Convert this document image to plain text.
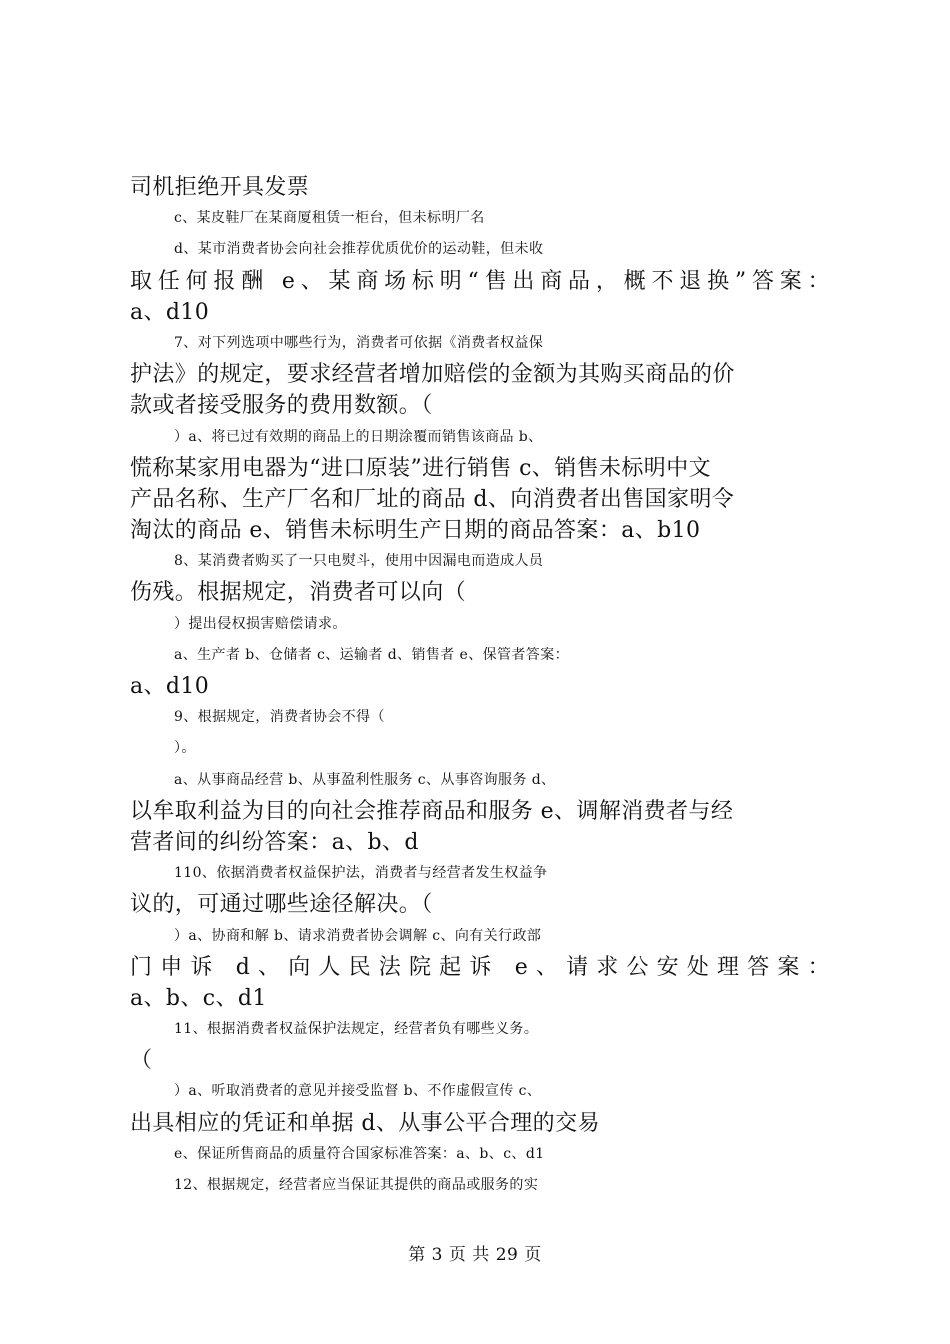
司机拒绝开具发票
c、某皮鞋厂在某商厦租赁一柜台，但未标明厂名
d、某市消费者协会向社会推荐优质优价的运动鞋，但未收
取任何报酬 e、某商场标明“售出商品，概不退换”答案：
a、d10
7、对下列选项中哪些行为，消费者可依据《消费者权益保
护法》的规定，要求经营者增加赔偿的金额为其购买商品的价
款或者接受服务的费用数额。（
）a、将已过有效期的商品上的日期涂覆而销售该商品 b、
慌称某家用电器为“进口原装”进行销售 c、销售未标明中文
产品名称、生产厂名和厂址的商品 d、向消费者出售国家明令
淘汰的商品 e、销售未标明生产日期的商品答案：a、b10
8、某消费者购买了一只电熨斗，使用中因漏电而造成人员
伤残。根据规定，消费者可以向（
）提出侵权损害赔偿请求。
a、生产者 b、仓储者 c、运输者 d、销售者 e、保管者答案：
a、d10
9、根据规定，消费者协会不得（
）。
a、从事商品经营 b、从事盈利性服务 c、从事咨询服务 d、
以牟取利益为目的向社会推荐商品和服务 e、调解消费者与经
营者间的纠纷答案：a、b、d
110、依据消费者权益保护法，消费者与经营者发生权益争
议的，可通过哪些途径解决。（
）a、协商和解 b、请求消费者协会调解 c、向有关行政部
门申诉 d、向人民法院起诉 e、请求公安处理答案：
a、b、c、d1
11、根据消费者权益保护法规定，经营者负有哪些义务。
（
）a、听取消费者的意见并接受监督 b、不作虚假宣传 c、
出具相应的凭证和单据 d、从事公平合理的交易
e、保证所售商品的质量符合国家标准答案：a、b、c、d1
12、根据规定，经营者应当保证其提供的商品或服务的实
第 3 页 共 29 页
